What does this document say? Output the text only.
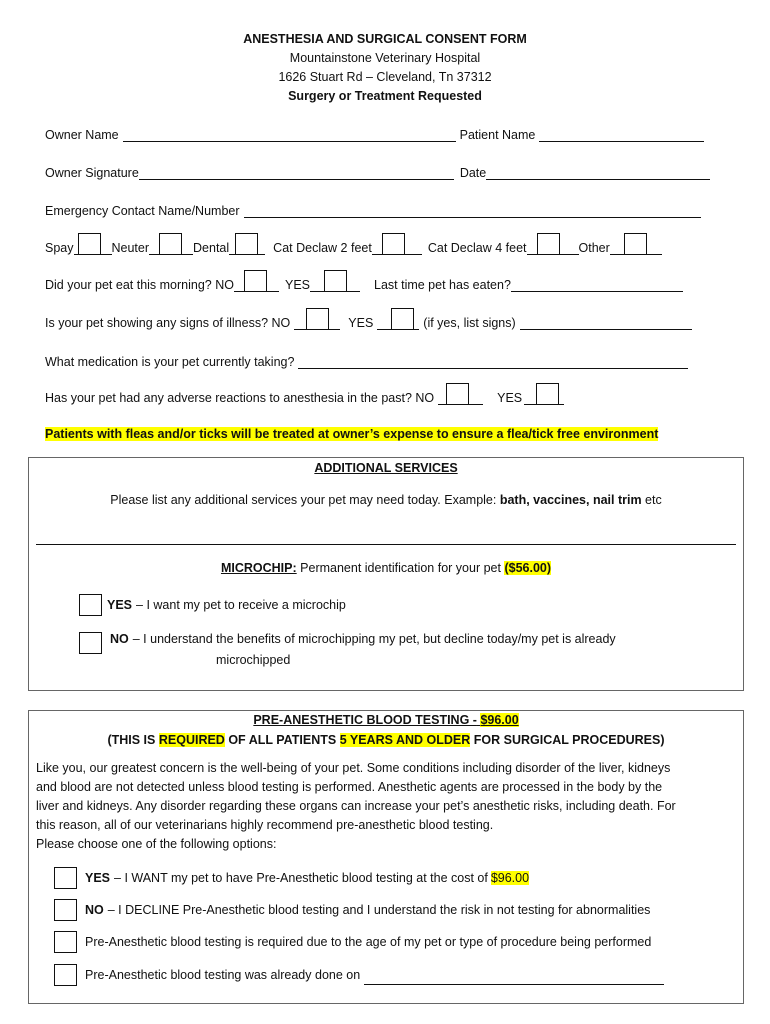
ANESTHESIA AND SURGICAL CONSENT FORM
Mountainstone Veterinary Hospital
1626 Stuart Rd – Cleveland, Tn 37312
Surgery or Treatment Requested
Owner Name	Patient Name
Owner Signature	Date
Emergency Contact Name/Number
Spay	Neuter	Dental	Cat Declaw 2 feet	Cat Declaw 4 feet	Other
Did your pet eat this morning? NO	YES	Last time pet has eaten?
Is your pet showing any signs of illness? NO	YES	(if yes, list signs)
What medication is your pet currently taking?
Has your pet had any adverse reactions to anesthesia in the past? NO	YES
Patients with fleas and/or ticks will be treated at owner’s expense to ensure a flea/tick free environment
ADDITIONAL SERVICES
Please list any additional services your pet may need today. Example: bath, vaccines, nail trim etc
MICROCHIP: Permanent identification for your pet ($56.00)
YES – I want my pet to receive a microchip
NO – I understand the benefits of microchipping my pet, but decline today/my pet is already
microchipped
PRE-ANESTHETIC BLOOD TESTING - $96.00
(THIS IS REQUIRED OF ALL PATIENTS 5 YEARS AND OLDER FOR SURGICAL PROCEDURES)
Like you, our greatest concern is the well-being of your pet. Some conditions including disorder of the liver, kidneys
and blood are not detected unless blood testing is performed. Anesthetic agents are processed in the body by the
liver and kidneys. Any disorder regarding these organs can increase your pet’s anesthetic risks, including death. For
this reason, all of our veterinarians highly recommend pre-anesthetic blood testing.
Please choose one of the following options:
YES – I WANT my pet to have Pre-Anesthetic blood testing at the cost of $96.00
NO – I DECLINE Pre-Anesthetic blood testing and I understand the risk in not testing for abnormalities
Pre-Anesthetic blood testing is required due to the age of my pet or type of procedure being performed
Pre-Anesthetic blood testing was already done on
